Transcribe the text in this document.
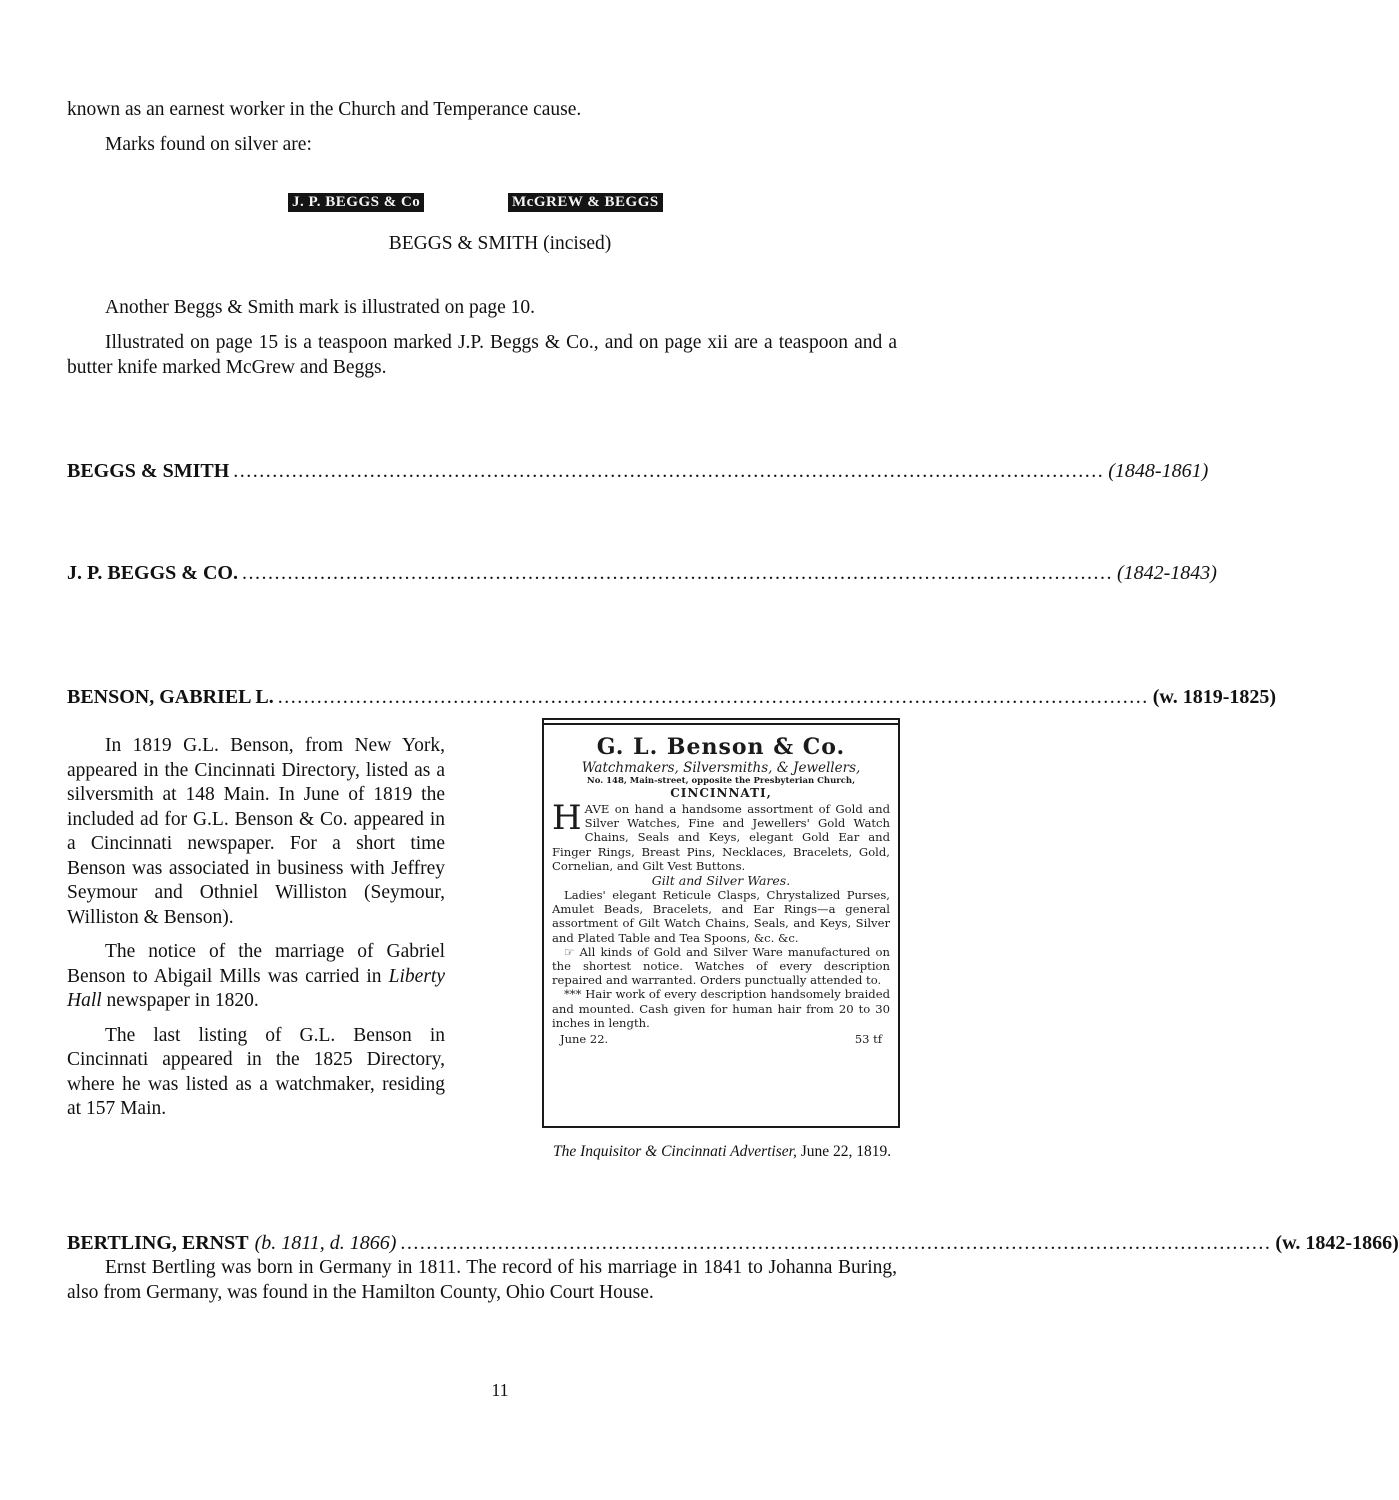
known as an earnest worker in the Church and Temperance cause.
Marks found on silver are:
J. P. BEGGS & Co	McGREW & BEGGS
BEGGS & SMITH (incised)
Another Beggs & Smith mark is illustrated on page 10.
Illustrated on page 15 is a teaspoon marked J.P. Beggs & Co., and on page xii are a teaspoon and a butter knife marked McGrew and Beggs.
BEGGS & SMITH ...................................................................................................................................... (1848-1861)
J. P. BEGGS & CO. ...................................................................................................................................... (1842-1843)
BENSON, GABRIEL L. ...................................................................................................................................... (w. 1819-1825)

In 1819 G.L. Benson, from New York, appeared in the Cincinnati Directory, listed as a silversmith at 148 Main. In June of 1819 the included ad for G.L. Benson & Co. appeared in a Cincinnati newspaper. For a short time Benson was associated in business with Jeffrey Seymour and Othniel Williston (Seymour, Williston & Benson).

The notice of the marriage of Gabriel Benson to Abigail Mills was carried in Liberty Hall newspaper in 1820.

The last listing of G.L. Benson in Cincinnati appeared in the 1825 Directory, where he was listed as a watchmaker, residing at 157 Main.

G. L. Benson & Co.
Watchmakers, Silversmiths, & Jewellers,
No. 148, Main-street, opposite the Presbyterian Church,
CINCINNATI,

HAVE on hand a handsome assortment of Gold and Silver Watches, Fine and Jewellers' Gold Watch Chains, Seals and Keys, elegant Gold Ear and Finger Rings, Breast Pins, Necklaces, Bracelets, Gold, Cornelian, and Gilt Vest Buttons.

Gilt and Silver Wares.

Ladies' elegant Reticule Clasps, Chrystalized Purses, Amulet Beads, Bracelets, and Ear Rings—a general assortment of Gilt Watch Chains, Seals, and Keys, Silver and Plated Table and Tea Spoons, &c. &c.

☞ All kinds of Gold and Silver Ware manufactured on the shortest notice. Watches of every description repaired and warranted. Orders punctually attended to.

*** Hair work of every description handsomely braided and mounted. Cash given for human hair from 20 to 30 inches in length.

June 22.	53 tf
The Inquisitor & Cincinnati Advertiser, June 22, 1819.
BERTLING, ERNST (b. 1811, d. 1866) ...................................................................................................................................... (w. 1842-1866)
Ernst Bertling was born in Germany in 1811. The record of his marriage in 1841 to Johanna Buring, also from Germany, was found in the Hamilton County, Ohio Court House.
11
